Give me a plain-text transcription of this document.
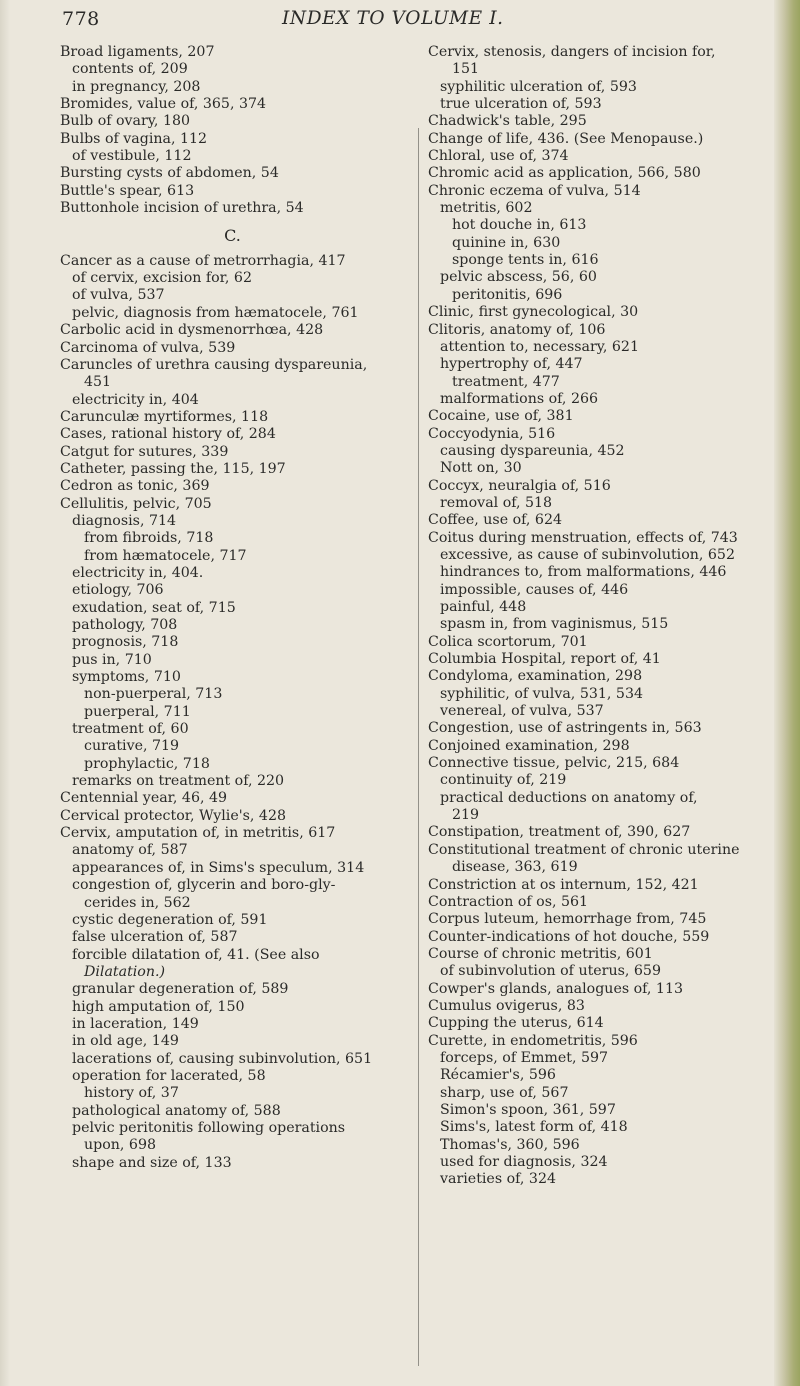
778	INDEX TO VOLUME I.

Broad ligaments, 207

contents of, 209

in pregnancy, 208

Bromides, value of, 365, 374

Bulb of ovary, 180

Bulbs of vagina, 112

of vestibule, 112

Bursting cysts of abdomen, 54

Buttle's spear, 613

Buttonhole incision of urethra, 54

C.

Cancer as a cause of metrorrhagia, 417

of cervix, excision for, 62

of vulva, 537

pelvic, diagnosis from hæmatocele, 761

Carbolic acid in dysmenorrhœa, 428

Carcinoma of vulva, 539

Caruncles of urethra causing dyspareunia,

451

electricity in, 404

Carunculæ myrtiformes, 118

Cases, rational history of, 284

Catgut for sutures, 339

Catheter, passing the, 115, 197

Cedron as tonic, 369

Cellulitis, pelvic, 705

diagnosis, 714

from fibroids, 718

from hæmatocele, 717

electricity in, 404.

etiology, 706

exudation, seat of, 715

pathology, 708

prognosis, 718

pus in, 710

symptoms, 710

non-puerperal, 713

puerperal, 711

treatment of, 60

curative, 719

prophylactic, 718

remarks on treatment of, 220

Centennial year, 46, 49

Cervical protector, Wylie's, 428

Cervix, amputation of, in metritis, 617

anatomy of, 587

appearances of, in Sims's speculum, 314

congestion of, glycerin and boro-gly-

cerides in, 562

cystic degeneration of, 591

false ulceration of, 587

forcible dilatation of, 41. (See also

Dilatation.)

granular degeneration of, 589

high amputation of, 150

in laceration, 149

in old age, 149

lacerations of, causing subinvolution, 651

operation for lacerated, 58

history of, 37

pathological anatomy of, 588

pelvic peritonitis following operations

upon, 698

shape and size of, 133

Cervix, stenosis, dangers of incision for,

151

syphilitic ulceration of, 593

true ulceration of, 593

Chadwick's table, 295

Change of life, 436. (See Menopause.)

Chloral, use of, 374

Chromic acid as application, 566, 580

Chronic eczema of vulva, 514

metritis, 602

hot douche in, 613

quinine in, 630

sponge tents in, 616

pelvic abscess, 56, 60

peritonitis, 696

Clinic, first gynecological, 30

Clitoris, anatomy of, 106

attention to, necessary, 621

hypertrophy of, 447

treatment, 477

malformations of, 266

Cocaine, use of, 381

Coccyodynia, 516

causing dyspareunia, 452

Nott on, 30

Coccyx, neuralgia of, 516

removal of, 518

Coffee, use of, 624

Coitus during menstruation, effects of, 743

excessive, as cause of subinvolution, 652

hindrances to, from malformations, 446

impossible, causes of, 446

painful, 448

spasm in, from vaginismus, 515

Colica scortorum, 701

Columbia Hospital, report of, 41

Condyloma, examination, 298

syphilitic, of vulva, 531, 534

venereal, of vulva, 537

Congestion, use of astringents in, 563

Conjoined examination, 298

Connective tissue, pelvic, 215, 684

continuity of, 219

practical deductions on anatomy of,

219

Constipation, treatment of, 390, 627

Constitutional treatment of chronic uterine

disease, 363, 619

Constriction at os internum, 152, 421

Contraction of os, 561

Corpus luteum, hemorrhage from, 745

Counter-indications of hot douche, 559

Course of chronic metritis, 601

of subinvolution of uterus, 659

Cowper's glands, analogues of, 113

Cumulus ovigerus, 83

Cupping the uterus, 614

Curette, in endometritis, 596

forceps, of Emmet, 597

Récamier's, 596

sharp, use of, 567

Simon's spoon, 361, 597

Sims's, latest form of, 418

Thomas's, 360, 596

used for diagnosis, 324

varieties of, 324
